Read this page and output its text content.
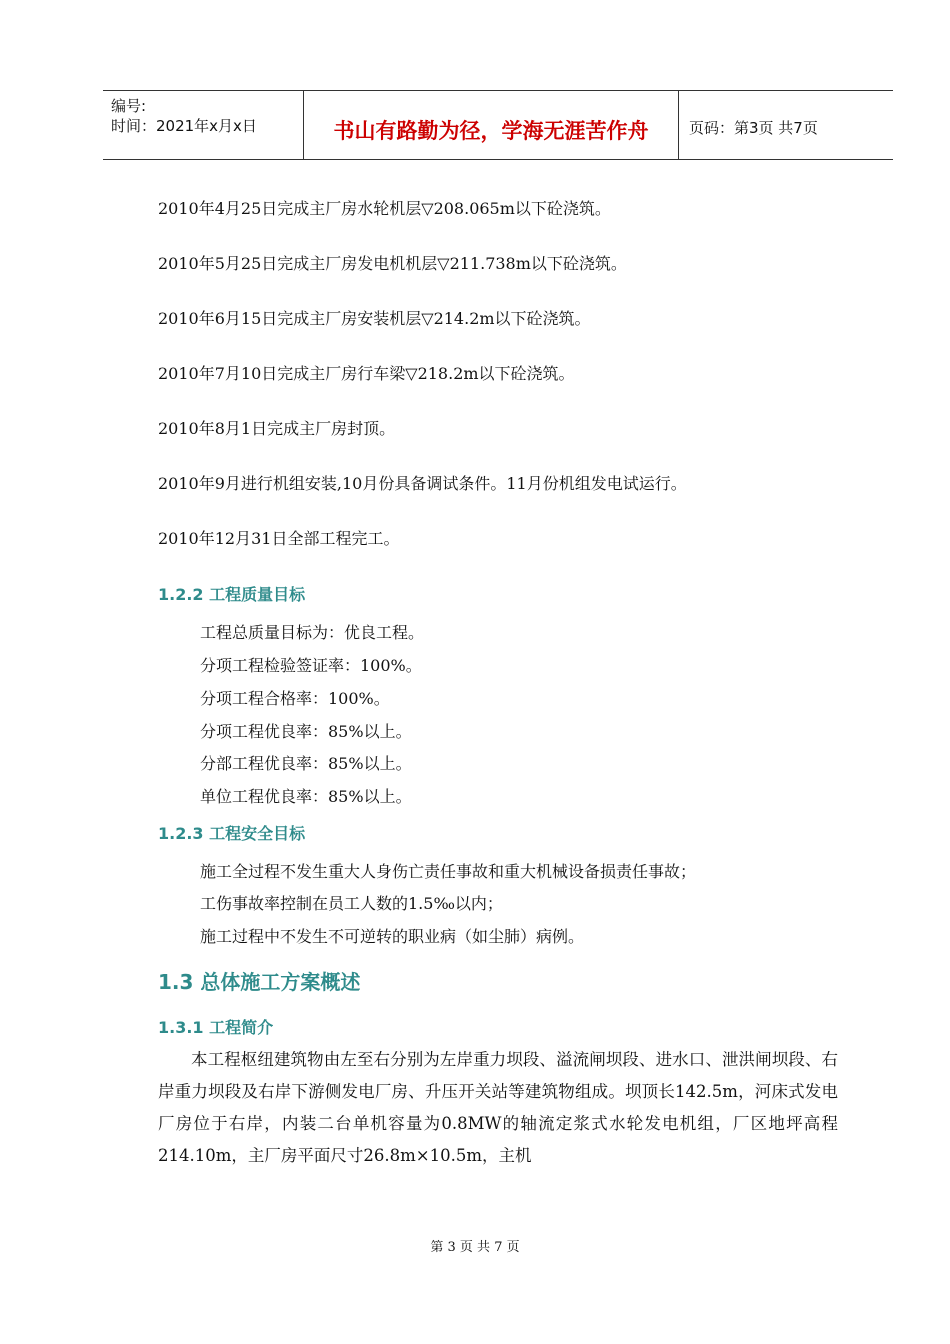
编号:
时间：2021年x月x日	书山有路勤为径，学海无涯苦作舟	页码：第3页 共7页
2010年4月25日完成主厂房水轮机层▽208.065m以下砼浇筑。
2010年5月25日完成主厂房发电机机层▽211.738m以下砼浇筑。
2010年6月15日完成主厂房安装机层▽214.2m以下砼浇筑。
2010年7月10日完成主厂房行车梁▽218.2m以下砼浇筑。
2010年8月1日完成主厂房封顶。
2010年9月进行机组安装,10月份具备调试条件。11月份机组发电试运行。
2010年12月31日全部工程完工。
1.2.2 工程质量目标
工程总质量目标为：优良工程。
分项工程检验签证率：100%。
分项工程合格率：100%。
分项工程优良率：85%以上。
分部工程优良率：85%以上。
单位工程优良率：85%以上。
1.2.3 工程安全目标
施工全过程不发生重大人身伤亡责任事故和重大机械设备损责任事故；
工伤事故率控制在员工人数的1.5‰以内；
施工过程中不发生不可逆转的职业病（如尘肺）病例。
1.3 总体施工方案概述
1.3.1 工程简介
本工程枢纽建筑物由左至右分别为左岸重力坝段、溢流闸坝段、进水口、泄洪闸坝段、右岸重力坝段及右岸下游侧发电厂房、升压开关站等建筑物组成。坝顶长142.5m，河床式发电厂房位于右岸，内装二台单机容量为0.8MW的轴流定浆式水轮发电机组，厂区地坪高程214.10m，主厂房平面尺寸26.8m×10.5m，主机
第 3 页 共 7 页
